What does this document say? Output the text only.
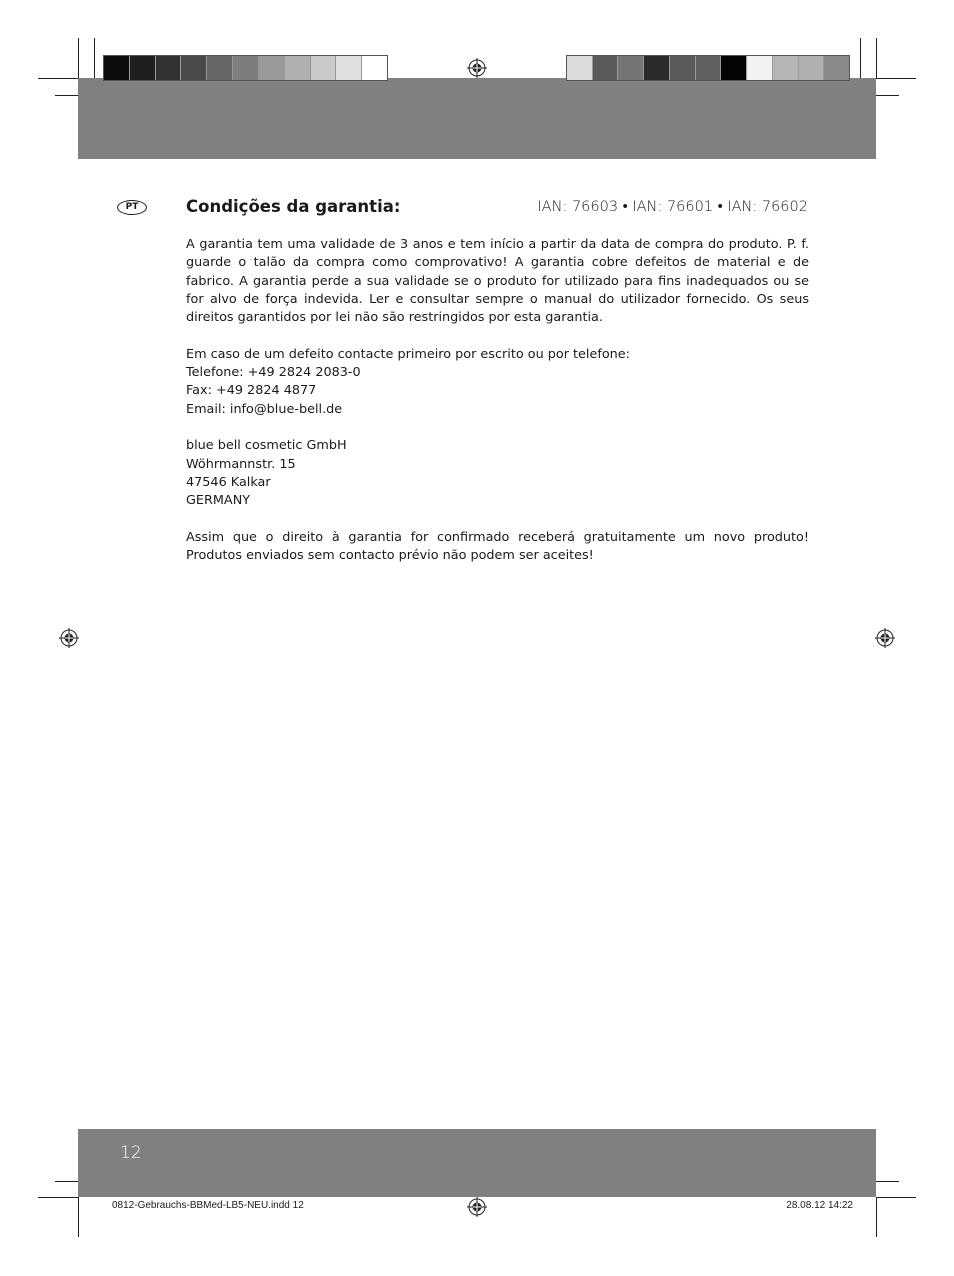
PT	Condições da garantia:	IAN: 76603 • IAN: 76601 • IAN: 76602

A garantia tem uma validade de 3 anos e tem início a partir da data de compra do produto. P. f. guarde o talão da compra como comprovativo! A garantia cobre defeitos de material e de fabrico. A garantia perde a sua validade se o produto for utilizado para fins inadequados ou se for alvo de força indevida. Ler e consultar sempre o manual do utilizador fornecido. Os seus direitos garantidos por lei não são restringidos por esta garantia.

Em caso de um defeito contacte primeiro por escrito ou por telefone:
Telefone: +49 2824 2083-0
Fax: +49 2824 4877
Email: info@blue-bell.de

blue bell cosmetic GmbH
Wöhrmannstr. 15
47546 Kalkar
GERMANY

Assim que o direito à garantia for confirmado receberá gratuitamente um novo produto! Produtos enviados sem contacto prévio não podem ser aceites!

12
0812-Gebrauchs-BBMed-LB5-NEU.indd 12	28.08.12 14:22
